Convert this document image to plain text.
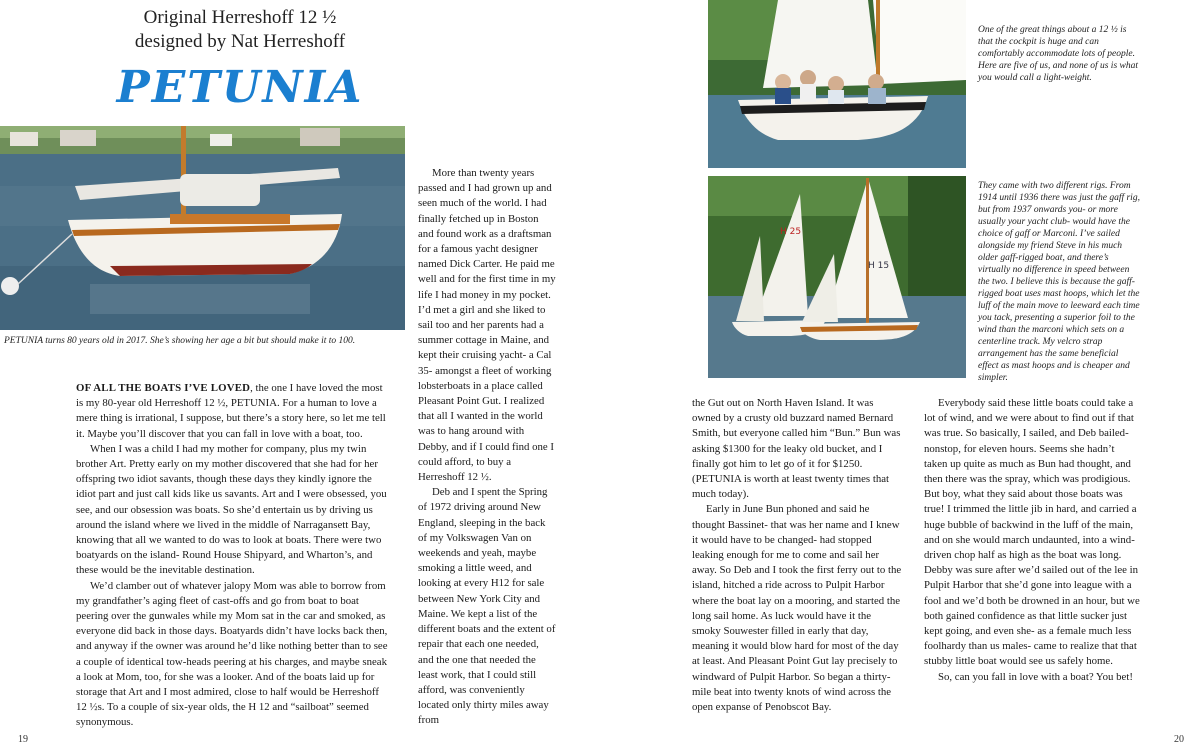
Original Herreshoff 12 ½
designed by Nat Herreshoff
PETUNIA
PETUNIA turns 80 years old in 2017. She’s showing her age a bit but should make it to 100.

OF ALL THE BOATS I’VE LOVED, the one I have loved the most is my 80-year old Herreshoff 12 ½, PETUNIA. For a human to love a mere thing is irrational, I suppose, but there’s a story here, so let me tell it. Maybe you’ll discover that you can fall in love with a boat, too.

When I was a child I had my mother for company, plus my twin brother Art. Pretty early on my mother discovered that she had for her offspring two idiot savants, though these days they kindly ignore the idiot part and just call kids like us savants. Art and I were obsessed, you see, and our obsession was boats. So she’d entertain us by driving us around the island where we lived in the middle of Narragansett Bay, knowing that all we wanted to do was to look at boats. There were two boatyards on the island- Round House Shipyard, and Wharton’s, and these would be the inevitable destination.

We’d clamber out of whatever jalopy Mom was able to borrow from my grandfather’s aging fleet of cast-offs and go from boat to boat peering over the gunwales while my Mom sat in the car and smoked, as everyone did back in those days. Boatyards didn’t have locks back then, and anyway if the owner was around he’d like nothing better than to see a couple of identical tow-heads peering at his charges, and maybe sneak a look at Mom, too, for she was a looker. And of the boats laid up for storage that Art and I most admired, close to half would be Herreshoff 12 ½s. To a couple of six-year olds, the H 12 and “sailboat” seemed synonymous.

More than twenty years passed and I had grown up and seen much of the world. I had finally fetched up in Boston and found work as a draftsman for a famous yacht designer named Dick Carter. He paid me well and for the first time in my life I had money in my pocket. I’d met a girl and she liked to sail too and her parents had a summer cottage in Maine, and kept their cruising yacht- a Cal 35- amongst a fleet of working lobsterboats in a place called Pleasant Point Gut. I realized that all I wanted in the world was to hang around with Debby, and if I could find one I could afford, to buy a Herreshoff 12 ½.

Deb and I spent the Spring of 1972 driving around New England, sleeping in the back of my Volkswagen Van on weekends and yeah, maybe smoking a little weed, and looking at every H12 for sale between New York City and Maine. We kept a list of the different boats and the extent of repair that each one needed, and the one that needed the least work, that I could still afford, was conveniently located only thirty miles away from

19
One of the great things about a 12 ½ is that the cockpit is huge and can comfortably accommodate lots of people. Here are five of us, and none of us is what you would call a light-weight.
H 25
H 15
They came with two different rigs. From 1914 until 1936 there was just the gaff rig, but from 1937 onwards you- or more usually your yacht club- would have the choice of gaff or Marconi. I’ve sailed alongside my friend Steve in his much older gaff-rigged boat, and there’s virtually no difference in speed between the two. I believe this is because the gaff- rigged boat uses mast hoops, which let the luff of the main move to leeward each time you tack, presenting a superior foil to the wind than the marconi which sets on a centerline track. My velcro strap arrangement has the same beneficial effect as mast hoops and is cheaper and simpler.

the Gut out on North Haven Island. It was owned by a crusty old buzzard named Bernard Smith, but everyone called him “Bun.” Bun was asking $1300 for the leaky old bucket, and I finally got him to let go of it for $1250. (PETUNIA is worth at least twenty times that much today).

Early in June Bun phoned and said he thought Bassinet- that was her name and I knew it would have to be changed- had stopped leaking enough for me to come and sail her away. So Deb and I took the first ferry out to the island, hitched a ride across to Pulpit Harbor where the boat lay on a mooring, and started the long sail home. As luck would have it the smoky Souwester filled in early that day, meaning it would blow hard for most of the day at least. And Pleasant Point Gut lay precisely to windward of Pulpit Harbor. So began a thirty-mile beat into twenty knots of wind across the open expanse of Penobscot Bay.

Everybody said these little boats could take a lot of wind, and we were about to find out if that was true. So basically, I sailed, and Deb bailed- nonstop, for eleven hours. Seems she hadn’t taken up quite as much as Bun had thought, and then there was the spray, which was prodigious. But boy, what they said about those boats was true! I trimmed the little jib in hard, and carried a huge bubble of backwind in the luff of the main, and on she would march undaunted, into a wind-driven chop half as high as the boat was long. Debby was sure after we’d sailed out of the lee in Pulpit Harbor that she’d gone into league with a fool and we’d both be drowned in an hour, but we both gained confidence as that little sucker just kept going, and even she- as a female much less foolhardy than us males- came to realize that that stubby little boat would see us safely home.

So, can you fall in love with a boat? You bet!

20
